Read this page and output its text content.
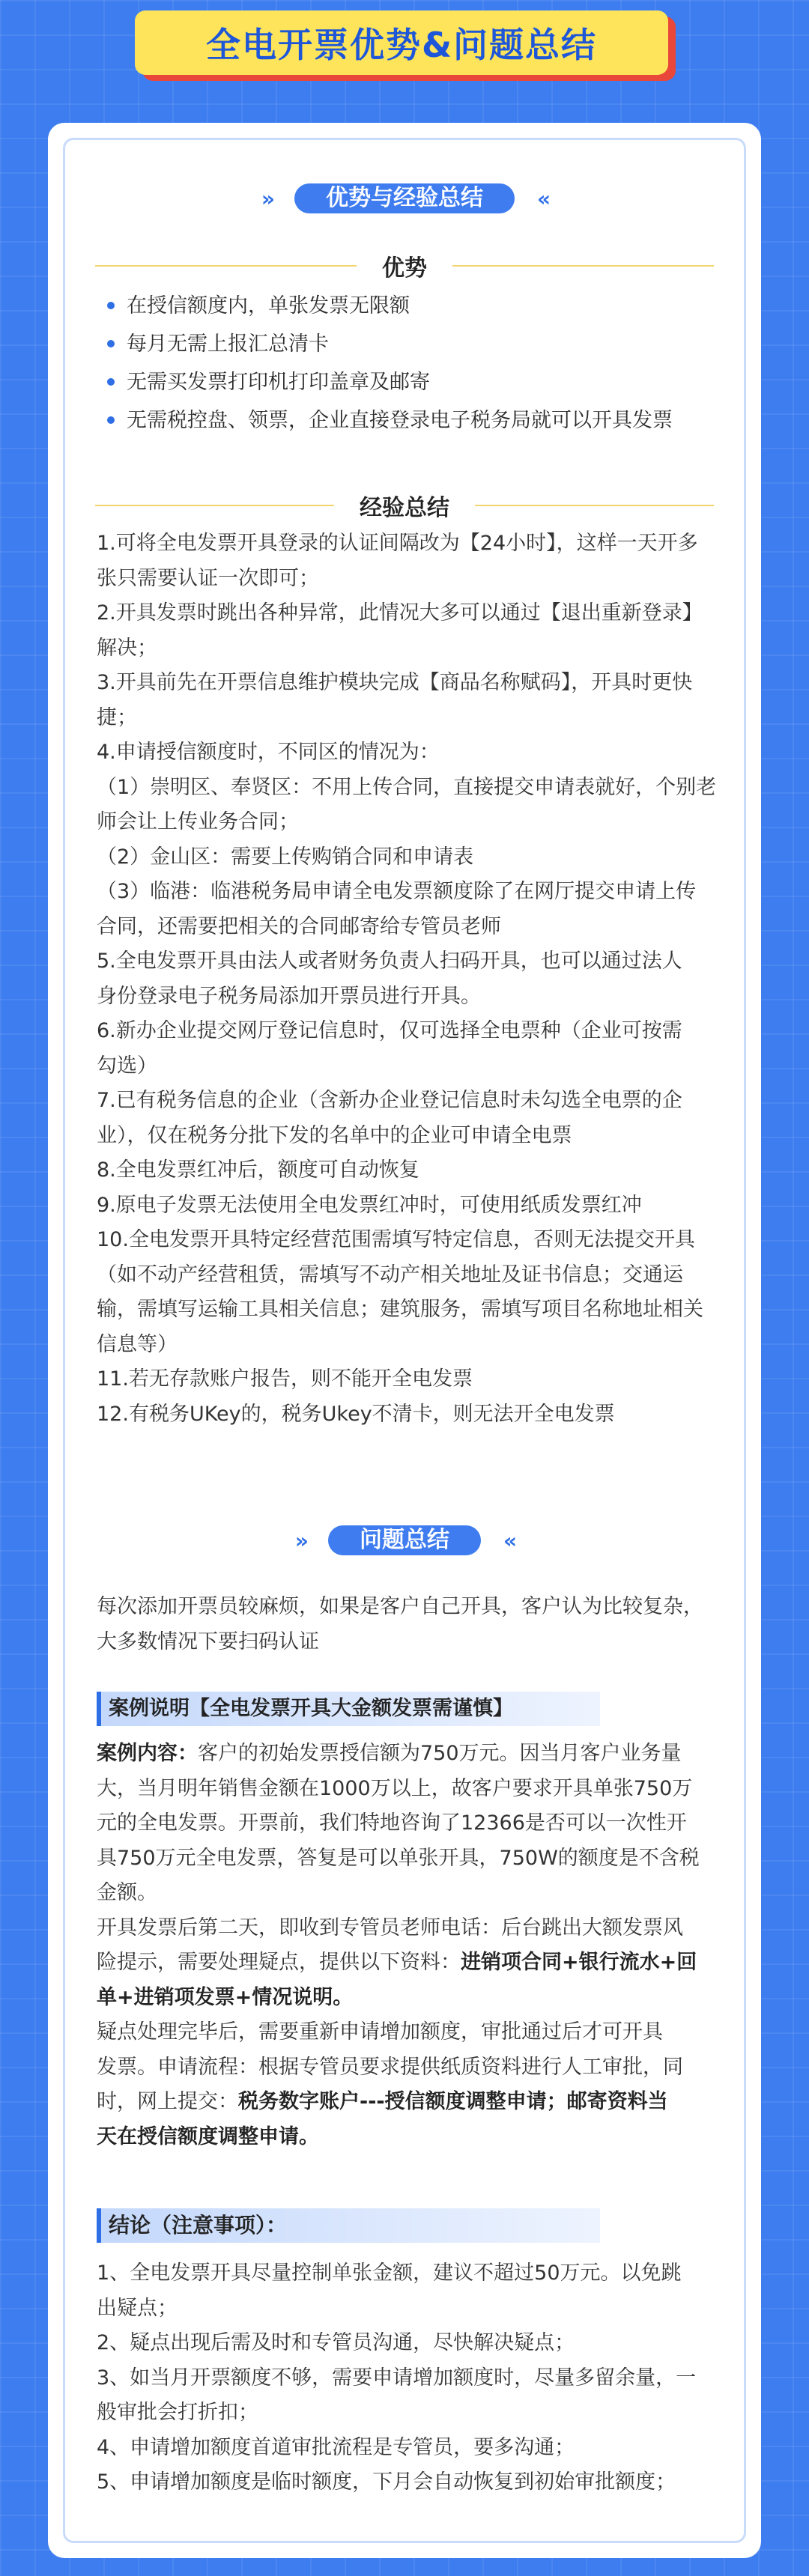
全电开票优势&问题总结
»	优势与经验总结	«
优势
在授信额度内，单张发票无限额
每月无需上报汇总清卡
无需买发票打印机打印盖章及邮寄
无需税控盘、领票，企业直接登录电子税务局就可以开具发票
经验总结
1.可将全电发票开具登录的认证间隔改为【24小时】，这样一天开多
张只需要认证一次即可；
2.开具发票时跳出各种异常，此情况大多可以通过【退出重新登录】
解决；
3.开具前先在开票信息维护模块完成【商品名称赋码】，开具时更快
捷；
4.申请授信额度时，不同区的情况为：
（1）崇明区、奉贤区：不用上传合同，直接提交申请表就好，个别老
师会让上传业务合同；
（2）金山区：需要上传购销合同和申请表
（3）临港：临港税务局申请全电发票额度除了在网厅提交申请上传
合同，还需要把相关的合同邮寄给专管员老师
5.全电发票开具由法人或者财务负责人扫码开具，也可以通过法人
身份登录电子税务局添加开票员进行开具。
6.新办企业提交网厅登记信息时，仅可选择全电票种（企业可按需
勾选）
7.已有税务信息的企业（含新办企业登记信息时未勾选全电票的企
业），仅在税务分批下发的名单中的企业可申请全电票
8.全电发票红冲后，额度可自动恢复
9.原电子发票无法使用全电发票红冲时，可使用纸质发票红冲
10.全电发票开具特定经营范围需填写特定信息，否则无法提交开具
（如不动产经营租赁，需填写不动产相关地址及证书信息；交通运
输，需填写运输工具相关信息；建筑服务，需填写项目名称地址相关
信息等）
11.若无存款账户报告，则不能开全电发票
12.有税务UKey的，税务Ukey不清卡，则无法开全电发票
»	问题总结	«
每次添加开票员较麻烦，如果是客户自己开具，客户认为比较复杂，
大多数情况下要扫码认证
案例说明【全电发票开具大金额发票需谨慎】
案例内容：客户的初始发票授信额为750万元。因当月客户业务量
大，当月明年销售金额在1000万以上，故客户要求开具单张750万
元的全电发票。开票前，我们特地咨询了12366是否可以一次性开
具750万元全电发票，答复是可以单张开具，750W的额度是不含税
金额。
开具发票后第二天，即收到专管员老师电话：后台跳出大额发票风
险提示，需要处理疑点，提供以下资料：进销项合同+银行流水+回
单+进销项发票+情况说明。
疑点处理完毕后，需要重新申请增加额度，审批通过后才可开具
发票。申请流程：根据专管员要求提供纸质资料进行人工审批，同
时，网上提交：税务数字账户---授信额度调整申请；邮寄资料当
天在授信额度调整申请。
结论（注意事项）：
1、全电发票开具尽量控制单张金额，建议不超过50万元。以免跳
出疑点；
2、疑点出现后需及时和专管员沟通，尽快解决疑点；
3、如当月开票额度不够，需要申请增加额度时，尽量多留余量，一
般审批会打折扣；
4、申请增加额度首道审批流程是专管员，要多沟通；
5、申请增加额度是临时额度，下月会自动恢复到初始审批额度；
